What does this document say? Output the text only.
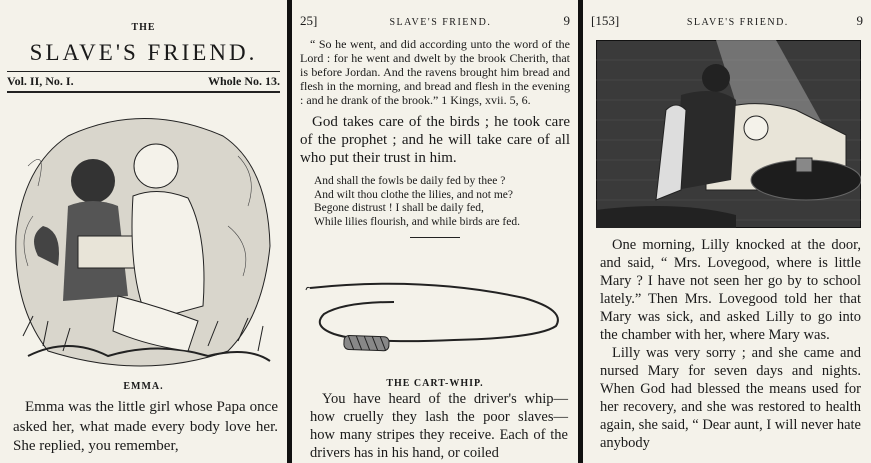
THE
SLAVE'S FRIEND.
Vol. II, No. I.	Whole No. 13.
EMMA.

Emma was the little girl whose Papa once asked her, what made every body love her. She replied, you remember,

25]	SLAVE'S FRIEND.	9

“ So he went, and did according unto the word of the Lord : for he went and dwelt by the brook Cherith, that is before Jordan. And the ravens brought him bread and flesh in the morning, and bread and flesh in the evening : and he drank of the brook.” 1 Kings, xvii. 5, 6.

God takes care of the birds ; he took care of the prophet ; and he will take care of all who put their trust in him.

And shall the fowls be daily fed by thee ?
And wilt thou clothe the lilies, and not me?
Begone distrust ! I shall be daily fed,
While lilies flourish, and while birds are fed.
THE CART-WHIP.

You have heard of the driver's whip— how cruelly they lash the poor slaves— how many stripes they receive. Each of the drivers has in his hand, or coiled

[153]	SLAVE'S FRIEND.	9

One morning, Lilly knocked at the door, and said, “ Mrs. Lovegood, where is little Mary ? I have not seen her go by to school lately.” Then Mrs. Lovegood told her that Mary was sick, and asked Lilly to go into the chamber with her, where Mary was.

Lilly was very sorry ; and she came and nursed Mary for seven days and nights. When God had blessed the means used for her recovery, and she was restored to health again, she said, “ Dear aunt, I will never hate anybody
